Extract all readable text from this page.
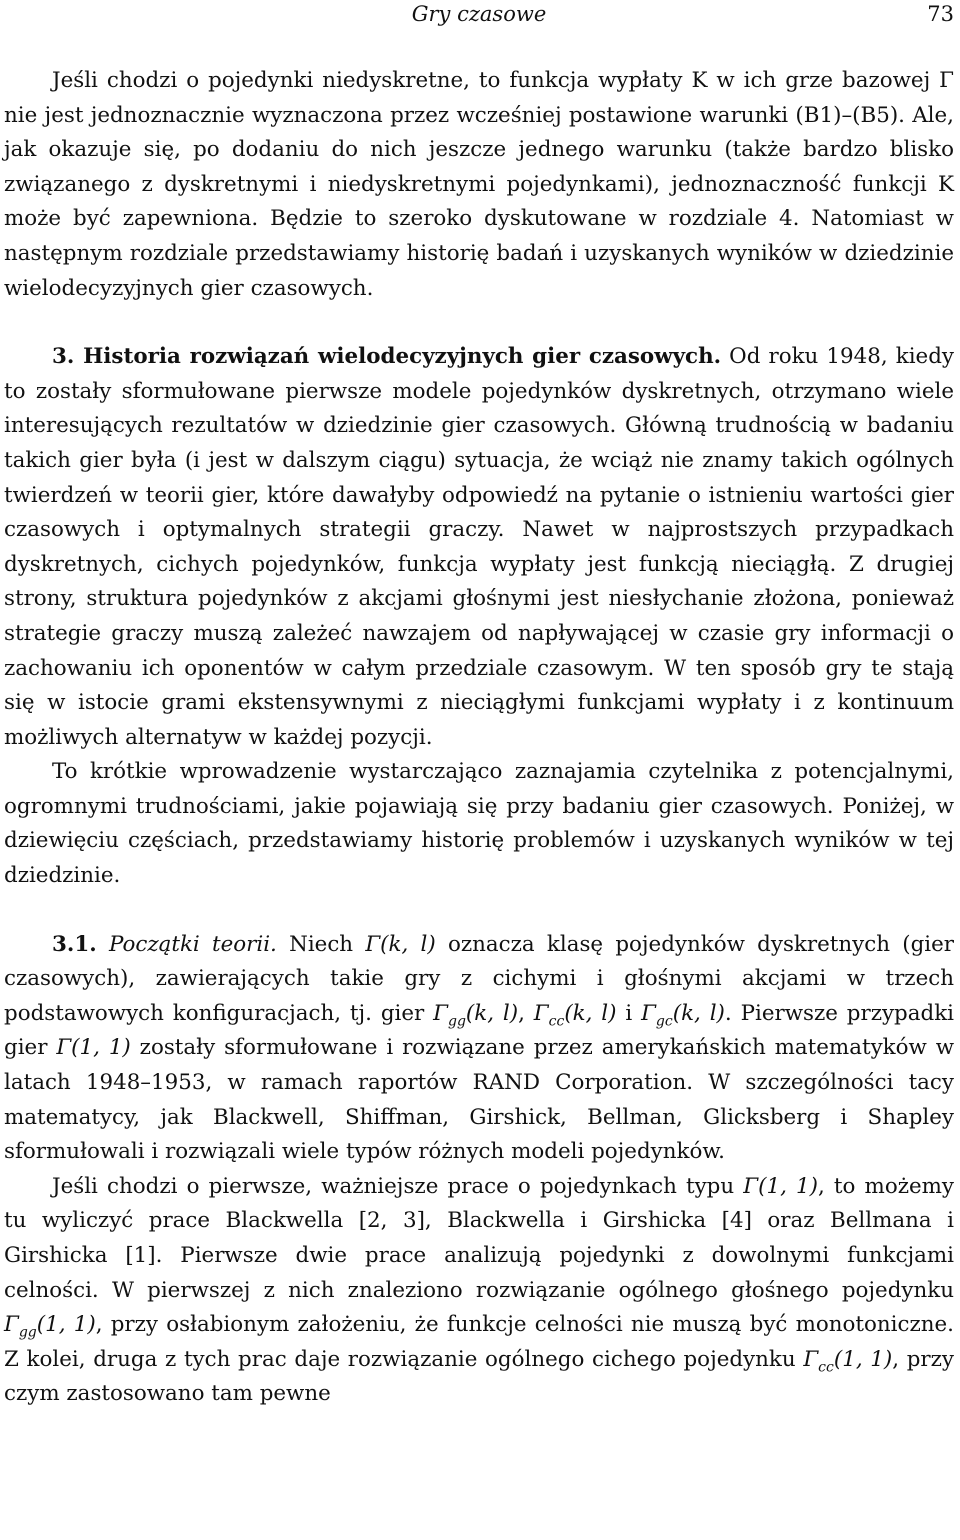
Gry czasowe	73

Jeśli chodzi o pojedynki niedyskretne, to funkcja wypłaty K w ich grze bazowej Γ nie jest jednoznacznie wyznaczona przez wcześniej postawione warunki (B1)–(B5). Ale, jak okazuje się, po dodaniu do nich jeszcze jednego warunku (także bardzo blisko związanego z dyskretnymi i niedyskretnymi pojedynkami), jednoznaczność funkcji K może być zapewniona. Będzie to szeroko dyskutowane w rozdziale 4. Natomiast w następnym rozdziale przedstawiamy historię badań i uzyskanych wyników w dziedzinie wielodecyzyjnych gier czasowych.

3. Historia rozwiązań wielodecyzyjnych gier czasowych. Od roku 1948, kiedy to zostały sformułowane pierwsze modele pojedynków dyskretnych, otrzymano wiele interesujących rezultatów w dziedzinie gier czasowych. Główną trudnością w badaniu takich gier była (i jest w dalszym ciągu) sytuacja, że wciąż nie znamy takich ogólnych twierdzeń w teorii gier, które dawałyby odpowiedź na pytanie o istnieniu wartości gier czasowych i optymalnych strategii graczy. Nawet w najprostszych przypadkach dyskretnych, cichych pojedynków, funkcja wypłaty jest funkcją nieciągłą. Z drugiej strony, struktura pojedynków z akcjami głośnymi jest niesłychanie złożona, ponieważ strategie graczy muszą zależeć nawzajem od napływającej w czasie gry informacji o zachowaniu ich oponentów w całym przedziale czasowym. W ten sposób gry te stają się w istocie grami ekstensywnymi z nieciągłymi funkcjami wypłaty i z kontinuum możliwych alternatyw w każdej pozycji.

To krótkie wprowadzenie wystarczająco zaznajamia czytelnika z potencjalnymi, ogromnymi trudnościami, jakie pojawiają się przy badaniu gier czasowych. Poniżej, w dziewięciu częściach, przedstawiamy historię problemów i uzyskanych wyników w tej dziedzinie.

3.1. Początki teorii. Niech Γ(k, l) oznacza klasę pojedynków dyskretnych (gier czasowych), zawierających takie gry z cichymi i głośnymi akcjami w trzech podstawowych konfiguracjach, tj. gier $\Gamma_{gg}(k$, l), $\Gamma_{cc}(k$, l) i $\Gamma_{gc}(k$, l). Pierwsze przypadki gier Γ(1, 1) zostały sformułowane i rozwiązane przez amerykańskich matematyków w latach 1948–1953, w ramach raportów RAND Corporation. W szczególności tacy matematycy, jak Blackwell, Shiffman, Girshick, Bellman, Glicksberg i Shapley sformułowali i rozwiązali wiele typów różnych modeli pojedynków.

Jeśli chodzi o pierwsze, ważniejsze prace o pojedynkach typu Γ(1, 1), to możemy tu wyliczyć prace Blackwella [2, 3], Blackwella i Girshicka [4] oraz Bellmana i Girshicka [1]. Pierwsze dwie prace analizują pojedynki z dowolnymi funkcjami celności. W pierwszej z nich znaleziono rozwiązanie ogólnego głośnego pojedynku $\Gamma_{gg}(1$, 1), przy osłabionym założeniu, że funkcje celności nie muszą być monotoniczne. Z kolei, druga z tych prac daje rozwiązanie ogólnego cichego pojedynku $\Gamma_{cc}(1$, 1), przy czym zastosowano tam pewne
